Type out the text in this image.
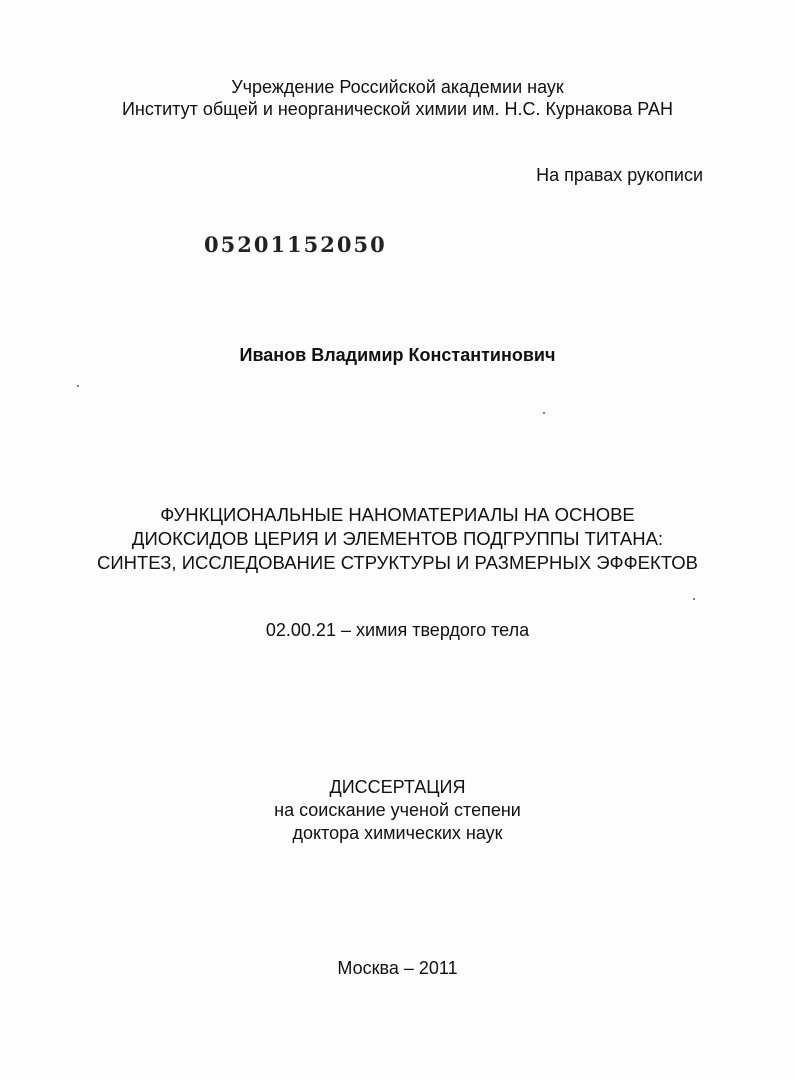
Учреждение Российской академии наук
Институт общей и неорганической химии им. Н.С. Курнакова РАН
На правах рукописи
05201152050
Иванов Владимир Константинович
ФУНКЦИОНАЛЬНЫЕ НАНОМАТЕРИАЛЫ НА ОСНОВЕ
ДИОКСИДОВ ЦЕРИЯ И ЭЛЕМЕНТОВ ПОДГРУППЫ ТИТАНА:
СИНТЕЗ, ИССЛЕДОВАНИЕ СТРУКТУРЫ И РАЗМЕРНЫХ ЭФФЕКТОВ
02.00.21 – химия твердого тела
ДИССЕРТАЦИЯ
на соискание ученой степени
доктора химических наук
Москва – 2011
